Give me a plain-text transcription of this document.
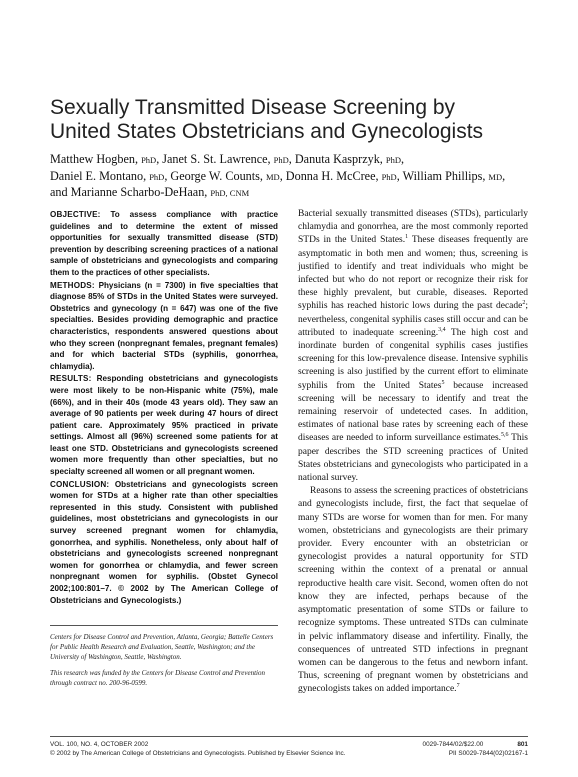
Sexually Transmitted Disease Screening by United States Obstetricians and Gynecologists
Matthew Hogben, PhD, Janet S. St. Lawrence, PhD, Danuta Kasprzyk, PhD,
Daniel E. Montano, PhD, George W. Counts, MD, Donna H. McCree, PhD, William Phillips, MD,
and Marianne Scharbo-DeHaan, PhD, CNM

OBJECTIVE: To assess compliance with practice guidelines and to determine the extent of missed opportunities for sexually transmitted disease (STD) prevention by describing screening practices of a national sample of obstetricians and gynecologists and comparing them to the practices of other specialists.

METHODS: Physicians (n = 7300) in five specialties that diagnose 85% of STDs in the United States were surveyed. Obstetrics and gynecology (n = 647) was one of the five specialties. Besides providing demographic and practice characteristics, respondents answered questions about who they screen (nonpregnant females, pregnant females) and for which bacterial STDs (syphilis, gonorrhea, chlamydia).

RESULTS: Responding obstetricians and gynecologists were most likely to be non-Hispanic white (75%), male (66%), and in their 40s (mode 43 years old). They saw an average of 90 patients per week during 47 hours of direct patient care. Approximately 95% practiced in private settings. Almost all (96%) screened some patients for at least one STD. Obstetricians and gynecologists screened women more frequently than other specialties, but no specialty screened all women or all pregnant women.

CONCLUSION: Obstetricians and gynecologists screen women for STDs at a higher rate than other specialties represented in this study. Consistent with published guidelines, most obstetricians and gynecologists in our survey screened pregnant women for chlamydia, gonorrhea, and syphilis. Nonetheless, only about half of obstetricians and gynecologists screened nonpregnant women for gonorrhea or chlamydia, and fewer screen nonpregnant women for syphilis. (Obstet Gynecol 2002;100:801–7. © 2002 by The American College of Obstetricians and Gynecologists.)

Centers for Disease Control and Prevention, Atlanta, Georgia; Battelle Centers for Public Health Research and Evaluation, Seattle, Washington; and the University of Washington, Seattle, Washington.

This research was funded by the Centers for Disease Control and Prevention through contract no. 200-96-0599.

Bacterial sexually transmitted diseases (STDs), particularly chlamydia and gonorrhea, are the most commonly reported STDs in the United States.$^1$ These diseases frequently are asymptomatic in both men and women; thus, screening is justified to identify and treat individuals who might be infected but who do not report or recognize their risk for these highly prevalent, but curable, diseases. Reported syphilis has reached historic lows during the past decade$^2$; nevertheless, congenital syphilis cases still occur and can be attributed to inadequate screening.$^{3,4}$ The high cost and inordinate burden of congenital syphilis cases justifies screening for this low-prevalence disease. Intensive syphilis screening is also justified by the current effort to eliminate syphilis from the United States$^5$ because increased screening will be necessary to identify and treat the remaining reservoir of undetected cases. In addition, estimates of national base rates by screening each of these diseases are needed to inform surveillance estimates.$^{5,6}$ This paper describes the STD screening practices of United States obstetricians and gynecologists who participated in a national survey.

Reasons to assess the screening practices of obstetricians and gynecologists include, first, the fact that sequelae of many STDs are worse for women than for men. For many women, obstetricians and gynecologists are their primary provider. Every encounter with an obstetrician or gynecologist provides a natural opportunity for STD screening within the context of a prenatal or annual reproductive health care visit. Second, women often do not know they are infected, perhaps because of the asymptomatic presentation of some STDs or failure to recognize symptoms. These untreated STDs can culminate in pelvic inflammatory disease and infertility. Finally, the consequences of untreated STD infections in pregnant women can be dangerous to the fetus and newborn infant. Thus, screening of pregnant women by obstetricians and gynecologists takes on added importance.$^7$

VOL. 100, NO. 4, OCTOBER 2002	0029-7844/02/$22.00	801
© 2002 by The American College of Obstetricians and Gynecologists. Published by Elsevier Science Inc.	PII S0029-7844(02)02167-1
